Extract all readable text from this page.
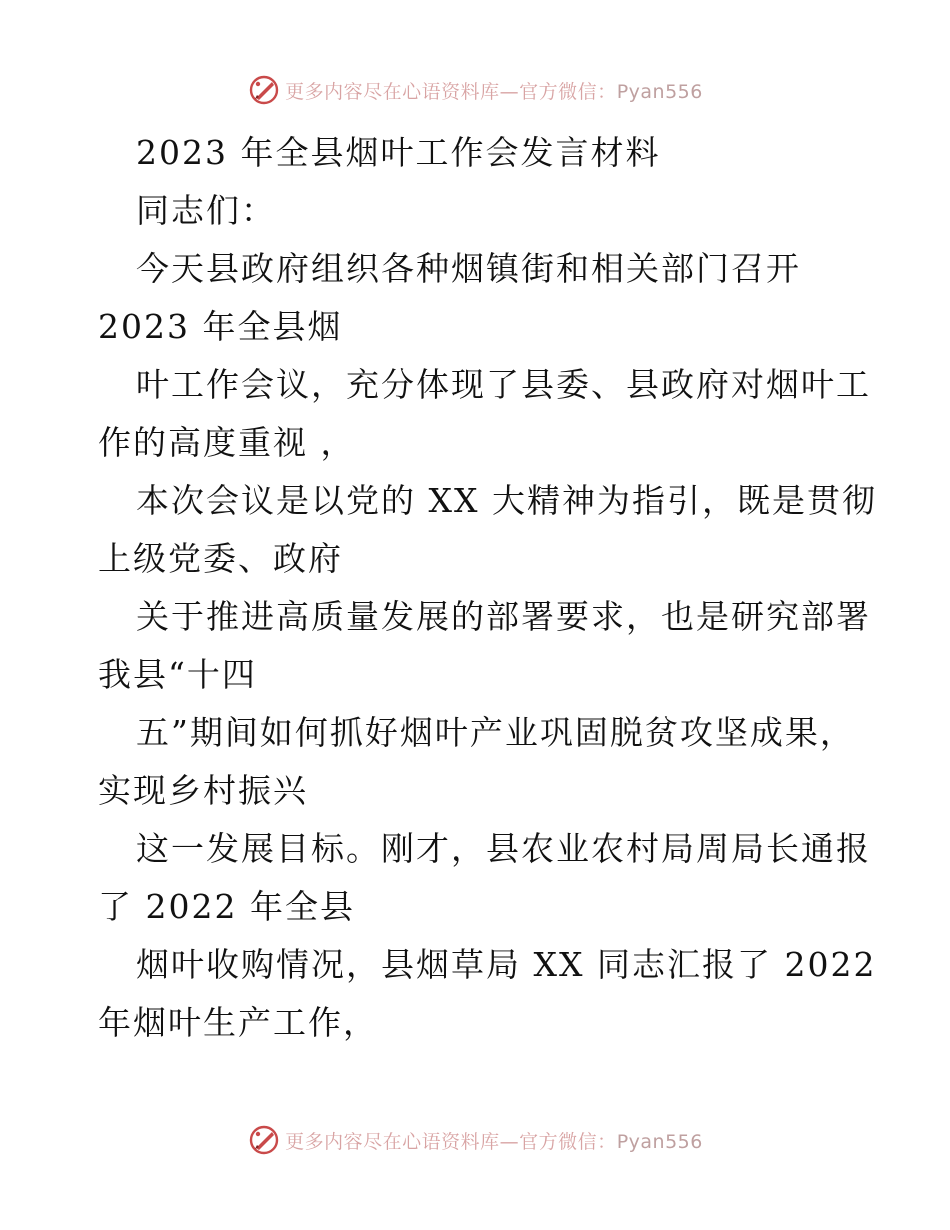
更多内容尽在心语资料库—官方微信：Pyan556
2023 年全县烟叶工作会发言材料
同志们：
今天县政府组织各种烟镇街和相关部门召开
2023 年全县烟
叶工作会议，充分体现了县委、县政府对烟叶工
作的高度重视 ，
本次会议是以党的 XX 大精神为指引，既是贯彻
上级党委、政府
关于推进高质量发展的部署要求，也是研究部署
我县“十四
五”期间如何抓好烟叶产业巩固脱贫攻坚成果，
实现乡村振兴
这一发展目标。刚才，县农业农村局周局长通报
了 2022 年全县
烟叶收购情况，县烟草局 XX 同志汇报了 2022
年烟叶生产工作，
更多内容尽在心语资料库—官方微信：Pyan556
